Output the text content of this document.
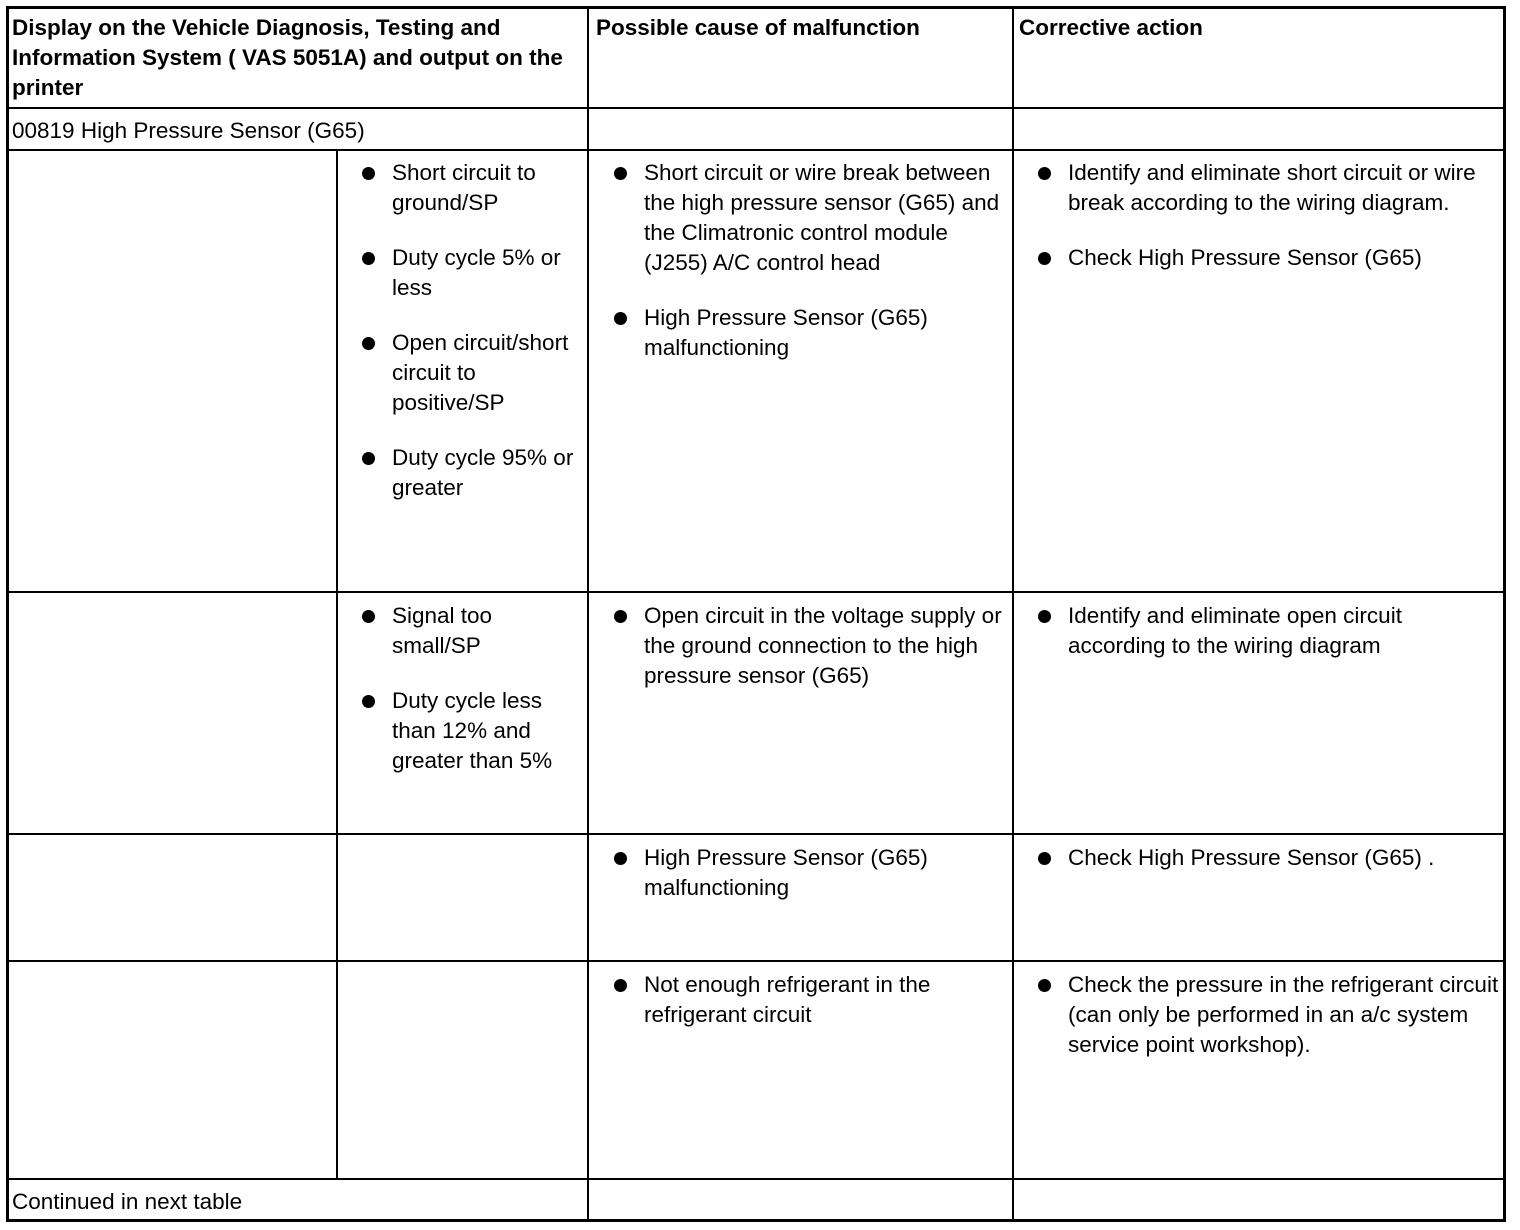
Display on the Vehicle Diagnosis, Testing and Information System ( VAS 5051A) and output on the printer
Possible cause of malfunction	Corrective action
00819 High Pressure Sensor (G65)
Short circuit to ground/SP
Duty cycle 5% or less
Open circuit/short circuit to positive/SP
Duty cycle 95% or greater
Short circuit or wire break between the high pressure sensor (G65) and the Climatronic control module (J255) A/C control head
High Pressure Sensor (G65) malfunctioning
Identify and eliminate short circuit or wire break according to the wiring diagram.
Check High Pressure Sensor (G65)
Signal too small/SP
Duty cycle less than 12% and greater than 5%
Open circuit in the voltage supply or the ground connection to the high pressure sensor (G65)
Identify and eliminate open circuit according to the wiring diagram
High Pressure Sensor (G65) malfunctioning
Check High Pressure Sensor (G65) .
Not enough refrigerant in the refrigerant circuit
Check the pressure in the refrigerant circuit (can only be performed in an a/c system service point workshop).
Continued in next table
